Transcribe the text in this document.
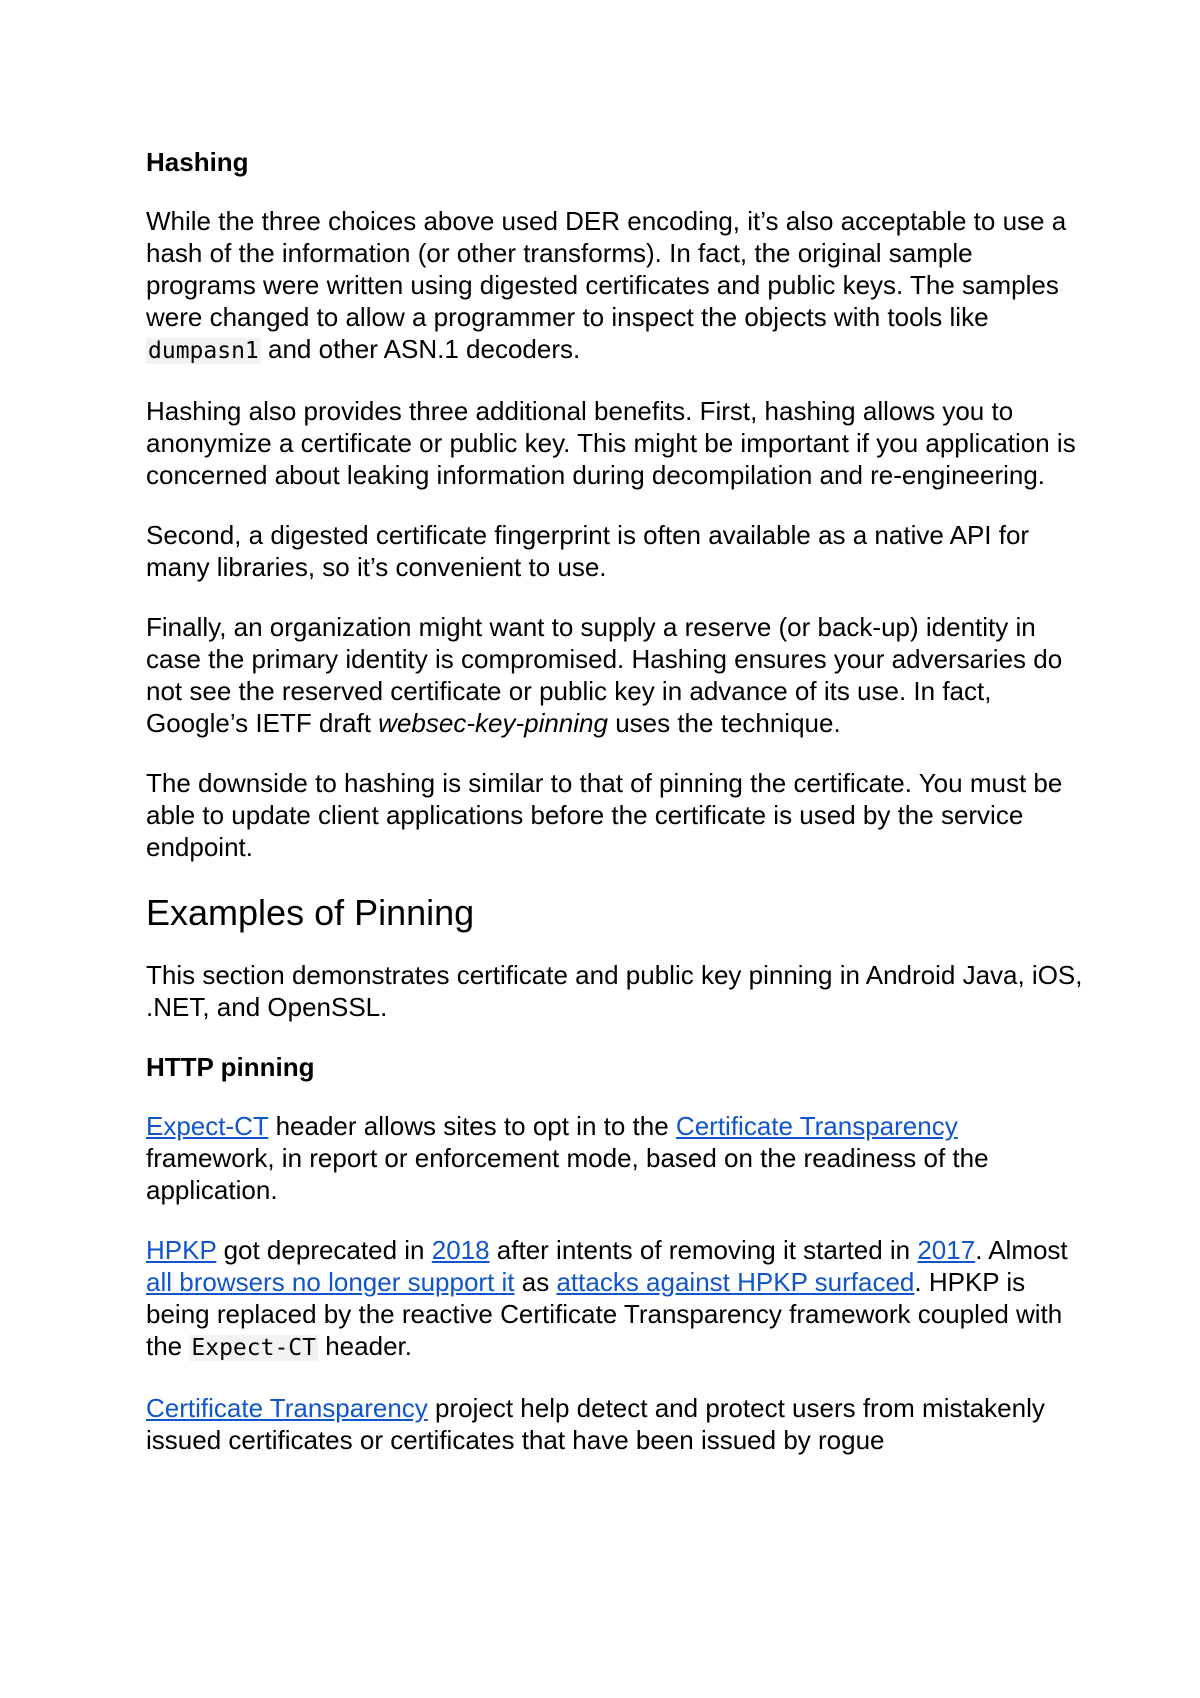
Hashing
While the three choices above used DER encoding, it’s also acceptable to use a hash of the information (or other transforms). In fact, the original sample programs were written using digested certificates and public keys. The samples were changed to allow a programmer to inspect the objects with tools like dumpasn1 and other ASN.1 decoders.
Hashing also provides three additional benefits. First, hashing allows you to anonymize a certificate or public key. This might be important if you application is concerned about leaking information during decompilation and re-engineering.
Second, a digested certificate fingerprint is often available as a native API for many libraries, so it’s convenient to use.
Finally, an organization might want to supply a reserve (or back-up) identity in case the primary identity is compromised. Hashing ensures your adversaries do not see the reserved certificate or public key in advance of its use. In fact, Google’s IETF draft websec-key-pinning uses the technique.
The downside to hashing is similar to that of pinning the certificate. You must be able to update client applications before the certificate is used by the service endpoint.
Examples of Pinning
This section demonstrates certificate and public key pinning in Android Java, iOS, .NET, and OpenSSL.
HTTP pinning
Expect-CT header allows sites to opt in to the Certificate Transparency framework, in report or enforcement mode, based on the readiness of the application.
HPKP got deprecated in 2018 after intents of removing it started in 2017. Almost all browsers no longer support it as attacks against HPKP surfaced. HPKP is being replaced by the reactive Certificate Transparency framework coupled with the Expect-CT header.
Certificate Transparency project help detect and protect users from mistakenly issued certificates or certificates that have been issued by rogue
